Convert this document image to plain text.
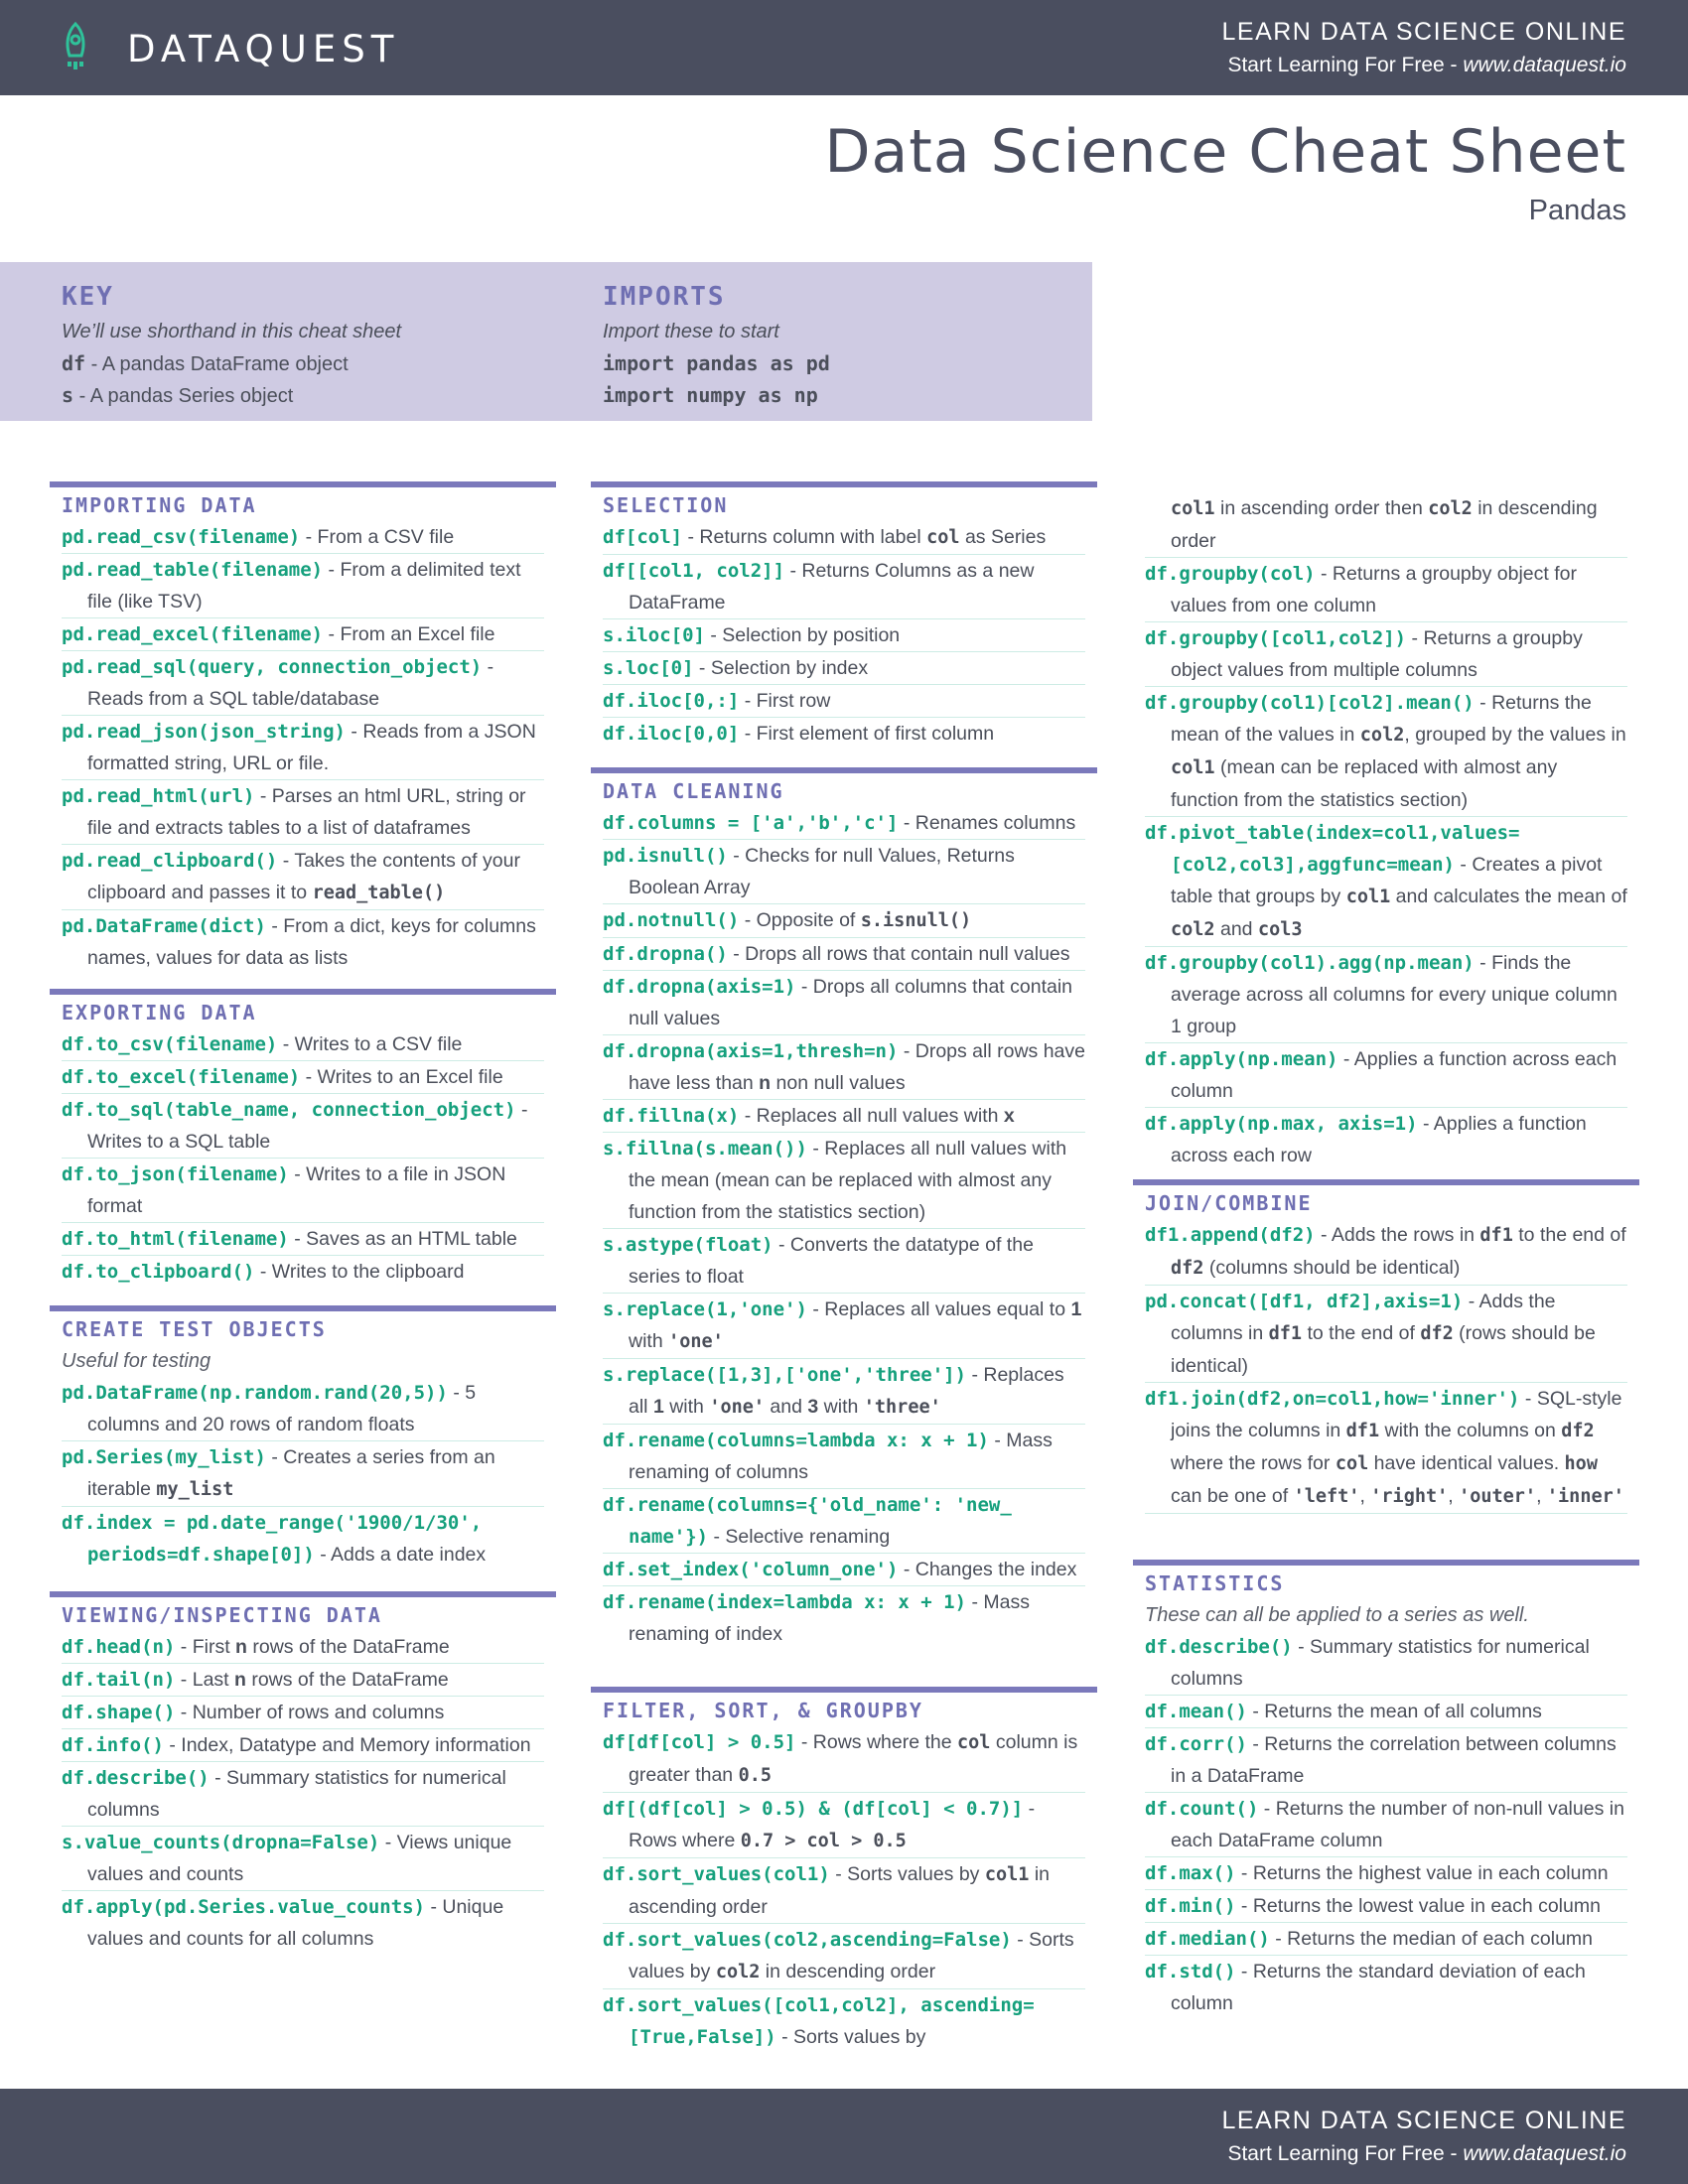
DATAQUEST	LEARN DATA SCIENCE ONLINE
Start Learning For Free - www.dataquest.io
Data Science Cheat Sheet
Pandas
KEY
We’ll use shorthand in this cheat sheet
df - A pandas DataFrame object
s - A pandas Series object
IMPORTS
Import these to start
import pandas as pd
import numpy as np
IMPORTING DATA
pd.read_csv(filename) - From a CSV file
pd.read_table(filename) - From a delimited text file (like TSV)
pd.read_excel(filename) - From an Excel file
pd.read_sql(query, connection_object) - Reads from a SQL table/database
pd.read_json(json_string) - Reads from a JSON formatted string, URL or file.
pd.read_html(url) - Parses an html URL, string or file and extracts tables to a list of dataframes
pd.read_clipboard() - Takes the contents of your clipboard and passes it to read_table()
pd.DataFrame(dict) - From a dict, keys for columns names, values for data as lists
EXPORTING DATA
df.to_csv(filename) - Writes to a CSV file
df.to_excel(filename) - Writes to an Excel file
df.to_sql(table_name, connection_object) - Writes to a SQL table
df.to_json(filename) - Writes to a file in JSON format
df.to_html(filename) - Saves as an HTML table
df.to_clipboard() - Writes to the clipboard
CREATE TEST OBJECTS
Useful for testing
pd.DataFrame(np.random.rand(20,5)) - 5 columns and 20 rows of random floats
pd.Series(my_list) - Creates a series from an iterable my_list
df.index = pd.date_range('1900/1/30', periods=df.shape[0]) - Adds a date index
VIEWING/INSPECTING DATA
df.head(n) - First n rows of the DataFrame
df.tail(n) - Last n rows of the DataFrame
df.shape() - Number of rows and columns
df.info() - Index, Datatype and Memory information
df.describe() - Summary statistics for numerical columns
s.value_counts(dropna=False) - Views unique values and counts
df.apply(pd.Series.value_counts) - Unique values and counts for all columns
SELECTION
df[col] - Returns column with label col as Series
df[[col1, col2]] - Returns Columns as a new DataFrame
s.iloc[0] - Selection by position
s.loc[0] - Selection by index
df.iloc[0,:] - First row
df.iloc[0,0] - First element of first column
DATA CLEANING
df.columns = ['a','b','c'] - Renames columns
pd.isnull() - Checks for null Values, Returns Boolean Array
pd.notnull() - Opposite of s.isnull()
df.dropna() - Drops all rows that contain null values
df.dropna(axis=1) - Drops all columns that contain null values
df.dropna(axis=1,thresh=n) - Drops all rows have have less than n non null values
df.fillna(x) - Replaces all null values with x
s.fillna(s.mean()) - Replaces all null values with the mean (mean can be replaced with almost any function from the statistics section)
s.astype(float) - Converts the datatype of the series to float
s.replace(1,'one') - Replaces all values equal to 1 with 'one'
s.replace([1,3],['one','three']) - Replaces all 1 with 'one' and 3 with 'three'
df.rename(columns=lambda x: x + 1) - Mass renaming of columns
df.rename(columns={'old_name': 'new_ name'}) - Selective renaming
df.set_index('column_one') - Changes the index
df.rename(index=lambda x: x + 1) - Mass renaming of index
FILTER, SORT, & GROUPBY
df[df[col] > 0.5] - Rows where the col column is greater than 0.5
df[(df[col] > 0.5) & (df[col] < 0.7)] - Rows where 0.7 > col > 0.5
df.sort_values(col1) - Sorts values by col1 in ascending order
df.sort_values(col2,ascending=False) - Sorts values by col2 in descending order
df.sort_values([col1,col2], ascending=[True,False]) - Sorts values by
col1 in ascending order then col2 in descending order
df.groupby(col) - Returns a groupby object for values from one column
df.groupby([col1,col2]) - Returns a groupby object values from multiple columns
df.groupby(col1)[col2].mean() - Returns the mean of the values in col2, grouped by the values in col1 (mean can be replaced with almost any function from the statistics section)
df.pivot_table(index=col1,values= [col2,col3],aggfunc=mean) - Creates a pivot table that groups by col1 and calculates the mean of col2 and col3
df.groupby(col1).agg(np.mean) - Finds the average across all columns for every unique column 1 group
df.apply(np.mean) - Applies a function across each column
df.apply(np.max, axis=1) - Applies a function across each row
JOIN/COMBINE
df1.append(df2) - Adds the rows in df1 to the end of df2 (columns should be identical)
pd.concat([df1, df2],axis=1) - Adds the columns in df1 to the end of df2 (rows should be identical)
df1.join(df2,on=col1,how='inner') - SQL-style joins the columns in df1 with the columns on df2 where the rows for col have identical values. how can be one of 'left', 'right', 'outer', 'inner'
STATISTICS
These can all be applied to a series as well.
df.describe() - Summary statistics for numerical columns
df.mean() - Returns the mean of all columns
df.corr() - Returns the correlation between columns in a DataFrame
df.count() - Returns the number of non-null values in each DataFrame column
df.max() - Returns the highest value in each column
df.min() - Returns the lowest value in each column
df.median() - Returns the median of each column
df.std() - Returns the standard deviation of each column
LEARN DATA SCIENCE ONLINE
Start Learning For Free - www.dataquest.io
